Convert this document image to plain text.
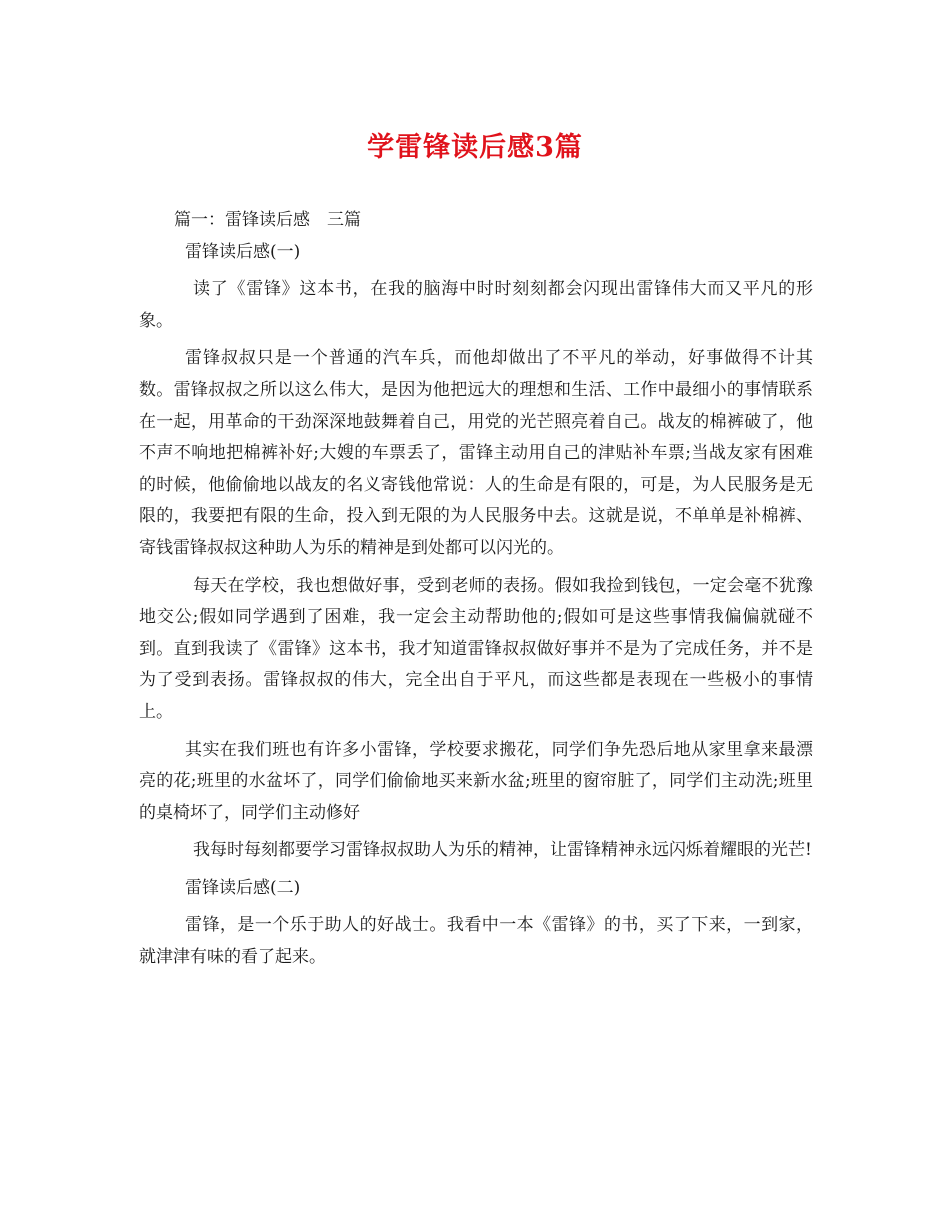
学雷锋读后感3篇

篇一：雷锋读后感　三篇

雷锋读后感(一)

读了《雷锋》这本书，在我的脑海中时时刻刻都会闪现出雷锋伟大而又平凡的形象。

雷锋叔叔只是一个普通的汽车兵，而他却做出了不平凡的举动，好事做得不计其数。雷锋叔叔之所以这么伟大，是因为他把远大的理想和生活、工作中最细小的事情联系在一起，用革命的干劲深深地鼓舞着自己，用党的光芒照亮着自己。战友的棉裤破了，他不声不响地把棉裤补好;大嫂的车票丢了，雷锋主动用自己的津贴补车票;当战友家有困难的时候，他偷偷地以战友的名义寄钱他常说：人的生命是有限的，可是，为人民服务是无限的，我要把有限的生命，投入到无限的为人民服务中去。这就是说，不单单是补棉裤、寄钱雷锋叔叔这种助人为乐的精神是到处都可以闪光的。

每天在学校，我也想做好事，受到老师的表扬。假如我捡到钱包，一定会毫不犹豫地交公;假如同学遇到了困难，我一定会主动帮助他的;假如可是这些事情我偏偏就碰不到。直到我读了《雷锋》这本书，我才知道雷锋叔叔做好事并不是为了完成任务，并不是为了受到表扬。雷锋叔叔的伟大，完全出自于平凡，而这些都是表现在一些极小的事情上。

其实在我们班也有许多小雷锋，学校要求搬花，同学们争先恐后地从家里拿来最漂亮的花;班里的水盆坏了，同学们偷偷地买来新水盆;班里的窗帘脏了，同学们主动洗;班里的桌椅坏了，同学们主动修好

我每时每刻都要学习雷锋叔叔助人为乐的精神，让雷锋精神永远闪烁着耀眼的光芒!

雷锋读后感(二)

雷锋，是一个乐于助人的好战士。我看中一本《雷锋》的书，买了下来，一到家，就津津有味的看了起来。
